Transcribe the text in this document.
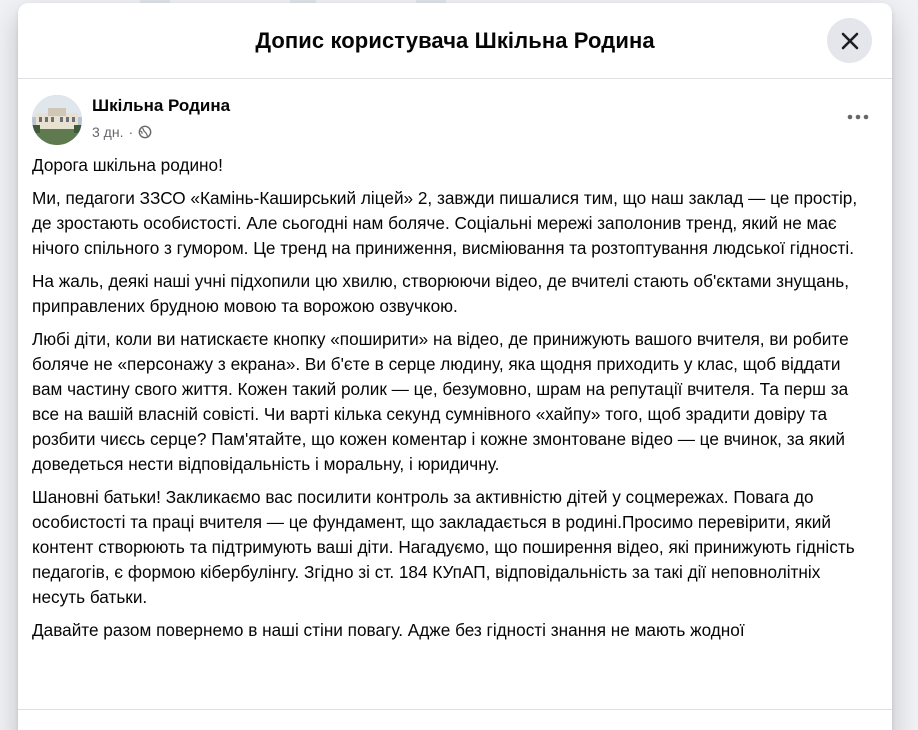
Допис користувача Шкільна Родина
Шкільна Родина
3 дн. ·

Дорога шкільна родино!

Ми, педагоги ЗЗСО «Камінь-Каширський ліцей» 2, завжди пишалися тим, що наш заклад — це простір, де зростають особистості. Але сьогодні нам боляче. Соціальні мережі заполонив тренд, який не має нічого спільного з гумором. Це тренд на приниження, висміювання та розтоптування людської гідності.

На жаль, деякі наші учні підхопили цю хвилю, створюючи відео, де вчителі стають об'єктами знущань, приправлених брудною мовою та ворожою озвучкою.

Любі діти, коли ви натискаєте кнопку «поширити» на відео, де принижують вашого вчителя, ви робите боляче не «персонажу з екрана». Ви б'єте в серце людину, яка щодня приходить у клас, щоб віддати вам частину свого життя. Кожен такий ролик — це, безумовно, шрам на репутації вчителя. Та перш за все на вашій власній совісті. Чи варті кілька секунд сумнівного «хайпу» того, щоб зрадити довіру та розбити чиєсь серце? Пам'ятайте, що кожен коментар і кожне змонтоване відео — це вчинок, за який доведеться нести відповідальність і моральну, і юридичну.

Шановні батьки! Закликаємо вас посилити контроль за активністю дітей у соцмережах. Повага до особистості та праці вчителя — це фундамент, що закладається в родині.Просимо перевірити, який контент створюють та підтримують ваші діти. Нагадуємо, що поширення відео, які принижують гідність педагогів, є формою кібербулінгу. Згідно зі ст. 184 КУпАП, відповідальність за такі дії неповнолітніх несуть батьки.

Давайте разом повернемо в наші стіни повагу. Адже без гідності знання не мають жодної
